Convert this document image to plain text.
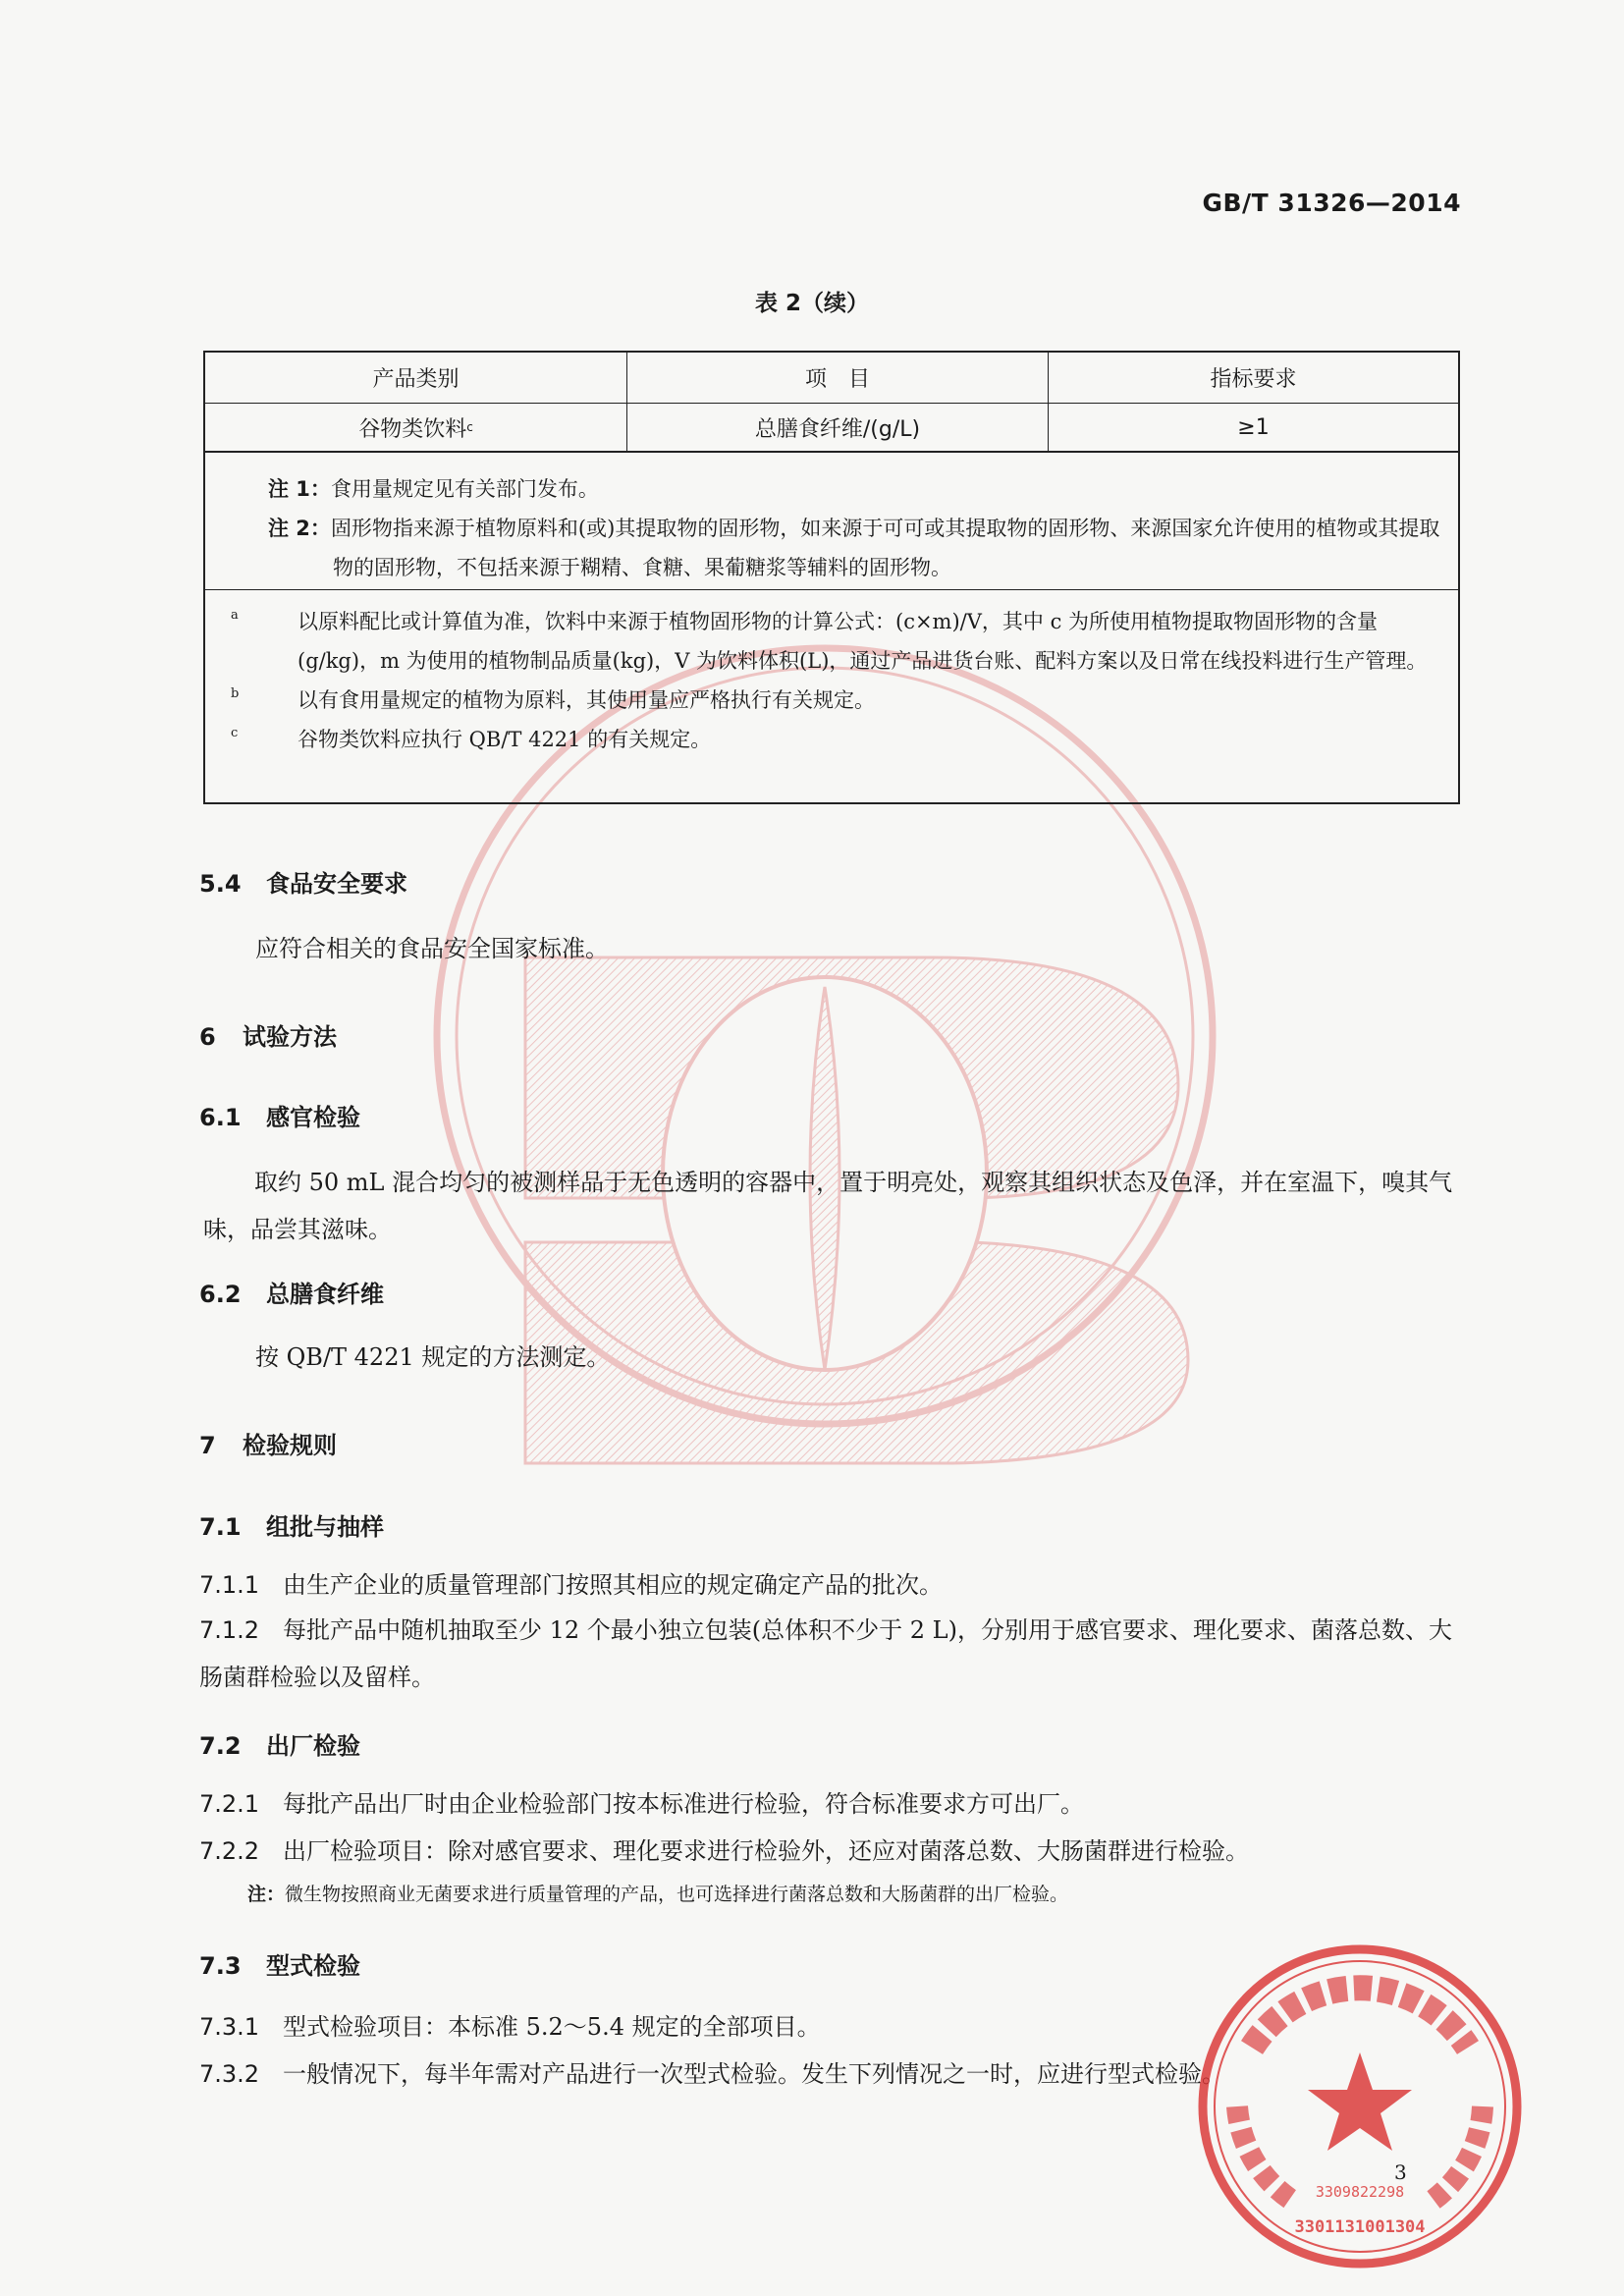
GB/T 31326—2014
表 2（续）
产品类别	项　目	指标要求
谷物类饮料 c	总膳食纤维/(g/L)	≥1

注 1：食用量规定见有关部门发布。

注 2：固形物指来源于植物原料和(或)其提取物的固形物，如来源于可可或其提取物的固形物、来源国家允许使用的植物或其提取物的固形物，不包括来源于糊精、食糖、果葡糖浆等辅料的固形物。

a	以原料配比或计算值为准，饮料中来源于植物固形物的计算公式：(c×m)/V，其中 c 为所使用植物提取物固形物的含量(g/kg)，m 为使用的植物制品质量(kg)，V 为饮料体积(L)，通过产品进货台账、配料方案以及日常在线投料进行生产管理。

b	以有食用量规定的植物为原料，其使用量应严格执行有关规定。

c	谷物类饮料应执行 QB/T 4221 的有关规定。

5.4 食品安全要求
应符合相关的食品安全国家标准。
6 试验方法
6.1 感官检验
取约 50 mL 混合均匀的被测样品于无色透明的容器中，置于明亮处，观察其组织状态及色泽，并在室温下，嗅其气味，品尝其滋味。
6.2 总膳食纤维
按 QB/T 4221 规定的方法测定。
7 检验规则
7.1 组批与抽样
7.1.1 由生产企业的质量管理部门按照其相应的规定确定产品的批次。
7.1.2 每批产品中随机抽取至少 12 个最小独立包装(总体积不少于 2 L)，分别用于感官要求、理化要求、菌落总数、大肠菌群检验以及留样。
7.2 出厂检验
7.2.1 每批产品出厂时由企业检验部门按本标准进行检验，符合标准要求方可出厂。
7.2.2 出厂检验项目：除对感官要求、理化要求进行检验外，还应对菌落总数、大肠菌群进行检验。
注：微生物按照商业无菌要求进行质量管理的产品，也可选择进行菌落总数和大肠菌群的出厂检验。
7.3 型式检验
7.3.1 型式检验项目：本标准 5.2～5.4 规定的全部项目。
7.3.2 一般情况下，每半年需对产品进行一次型式检验。发生下列情况之一时，应进行型式检验。
3
3309822298
3301131001304
